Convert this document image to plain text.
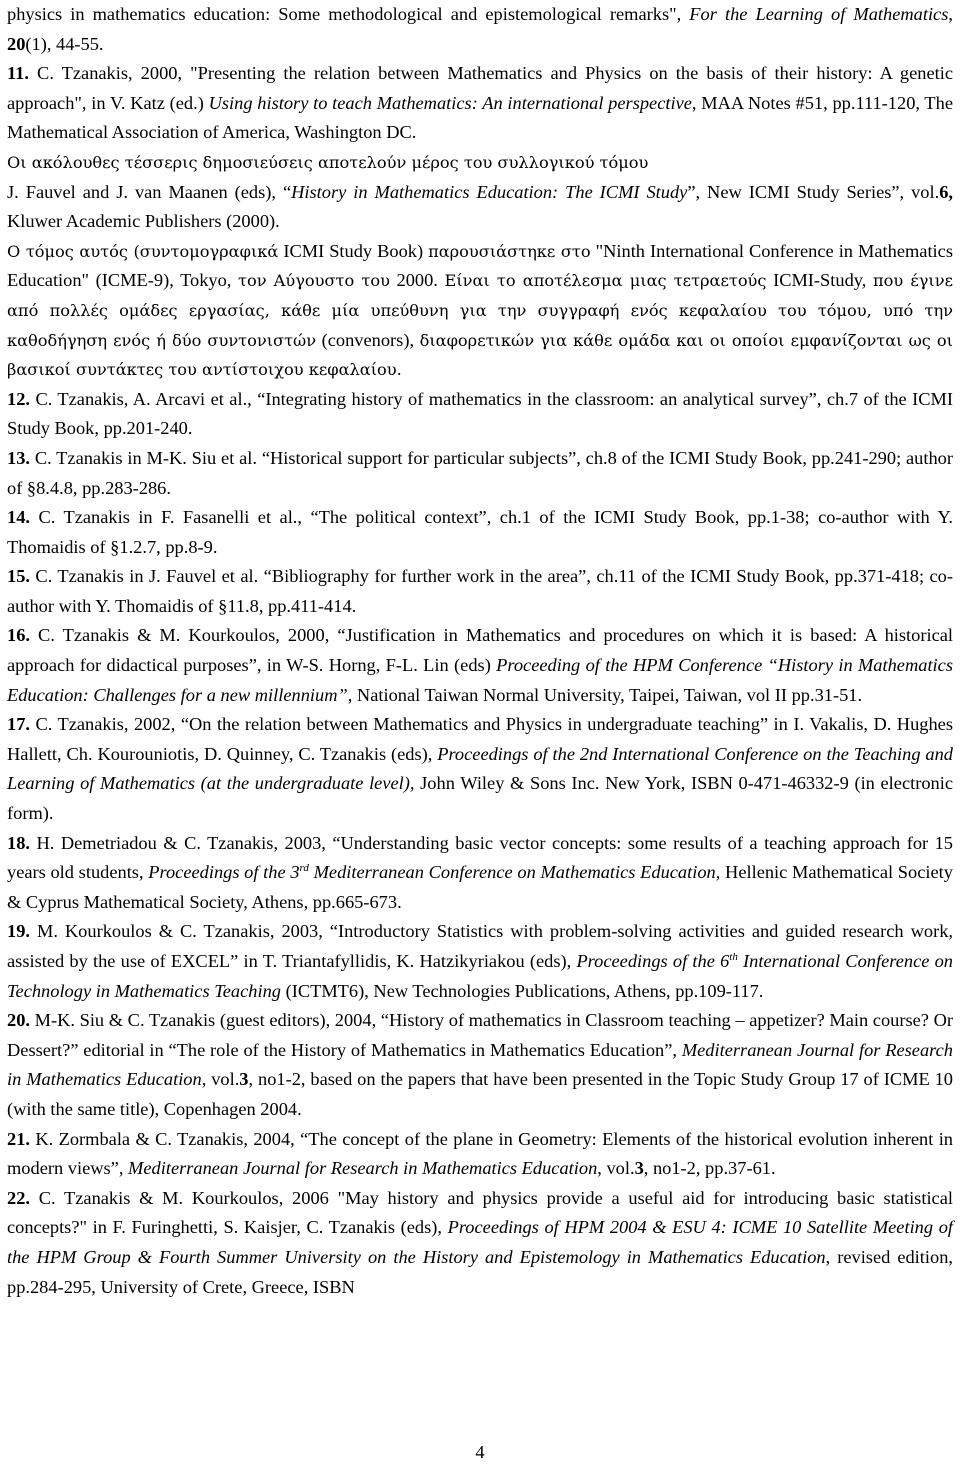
physics in mathematics education: Some methodological and epistemological remarks", For the Learning of Mathematics, 20(1), 44-55.

11. C. Tzanakis, 2000, "Presenting the relation between Mathematics and Physics on the basis of their history: A genetic approach", in V. Katz (ed.) Using history to teach Mathematics: An international perspective, MAA Notes #51, pp.111-120, The Mathematical Association of America, Washington DC.

Οι ακόλουθες τέσσερις δημοσιεύσεις αποτελούν μέρος του συλλογικού τόμου

J. Fauvel and J. van Maanen (eds), “History in Mathematics Education: The ICMI Study”, New ICMI Study Series”, vol.6, Kluwer Academic Publishers (2000).

Ο τόμος αυτός (συντομογραφικά ICMI Study Book) παρουσιάστηκε στο "Ninth International Conference in Mathematics Education" (ICME-9), Tokyo, τον Αύγουστο του 2000. Είναι το αποτέλεσμα μιας τετραετούς ICMI-Study, που έγινε από πολλές ομάδες εργασίας, κάθε μία υπεύθυνη για την συγγραφή ενός κεφαλαίου του τόμου, υπό την καθοδήγηση ενός ή δύο συντονιστών (convenors), διαφορετικών για κάθε ομάδα και οι οποίοι εμφανίζονται ως οι βασικοί συντάκτες του αντίστοιχου κεφαλαίου.

12. C. Tzanakis, A. Arcavi et al., “Integrating history of mathematics in the classroom: an analytical survey”, ch.7 of the ICMI Study Book, pp.201-240.

13. C. Tzanakis in M-K. Siu et al. “Historical support for particular subjects”, ch.8 of the ICMI Study Book, pp.241-290; author of §8.4.8, pp.283-286.

14. C. Tzanakis in F. Fasanelli et al., “The political context”, ch.1 of the ICMI Study Book, pp.1-38; co-author with Y. Thomaidis of §1.2.7, pp.8-9.

15. C. Tzanakis in J. Fauvel et al. “Bibliography for further work in the area”, ch.11 of the ICMI Study Book, pp.371-418; co-author with Y. Thomaidis of §11.8, pp.411-414.

16. C. Tzanakis & M. Kourkoulos, 2000, “Justification in Mathematics and procedures on which it is based: A historical approach for didactical purposes”, in W-S. Horng, F-L. Lin (eds) Proceeding of the HPM Conference “History in Mathematics Education: Challenges for a new millennium”, National Taiwan Normal University, Taipei, Taiwan, vol II pp.31-51.

17. C. Tzanakis, 2002, “On the relation between Mathematics and Physics in undergraduate teaching” in I. Vakalis, D. Hughes Hallett, Ch. Kourouniotis, D. Quinney, C. Tzanakis (eds), Proceedings of the 2nd International Conference on the Teaching and Learning of Mathematics (at the undergraduate level), John Wiley & Sons Inc. New York, ISBN 0-471-46332-9 (in electronic form).

18. H. Demetriadou & C. Tzanakis, 2003, “Understanding basic vector concepts: some results of a teaching approach for 15 years old students, Proceedings of the 3rd Mediterranean Conference on Mathematics Education, Hellenic Mathematical Society & Cyprus Mathematical Society, Athens, pp.665-673.

19. M. Kourkoulos & C. Tzanakis, 2003, “Introductory Statistics with problem-solving activities and guided research work, assisted by the use of EXCEL” in T. Triantafyllidis, K. Hatzikyriakou (eds), Proceedings of the 6th International Conference on Technology in Mathematics Teaching (ICTMT6), New Technologies Publications, Athens, pp.109-117.

20. M-K. Siu & C. Tzanakis (guest editors), 2004, “History of mathematics in Classroom teaching – appetizer? Main course? Or Dessert?” editorial in “The role of the History of Mathematics in Mathematics Education”, Mediterranean Journal for Research in Mathematics Education, vol.3, no1-2, based on the papers that have been presented in the Topic Study Group 17 of ICME 10 (with the same title), Copenhagen 2004.

21. K. Zormbala & C. Tzanakis, 2004, “The concept of the plane in Geometry: Elements of the historical evolution inherent in modern views”, Mediterranean Journal for Research in Mathematics Education, vol.3, no1-2, pp.37-61.

22. C. Tzanakis & M. Kourkoulos, 2006 "May history and physics provide a useful aid for introducing basic statistical concepts?" in F. Furinghetti, S. Kaisjer, C. Tzanakis (eds), Proceedings of HPM 2004 & ESU 4: ICME 10 Satellite Meeting of the HPM Group & Fourth Summer University on the History and Epistemology in Mathematics Education, revised edition, pp.284-295, University of Crete, Greece, ISBN

4
